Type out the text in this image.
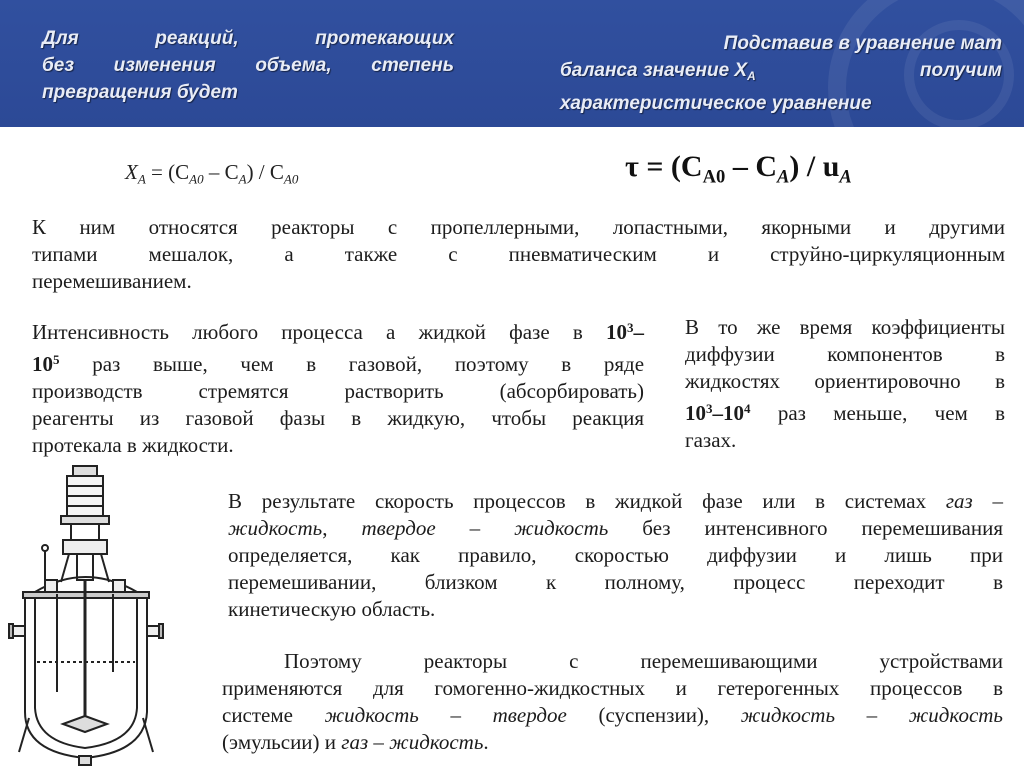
Для реакций, протекающих
без изменения объема, степень
превращения будет
Подставив в уравнение мат
баланса значение $X_A$	получим
характеристическое уравнение
$X_A = (C_{A0} - C_A) / C_{A0}$	$\tau = (C_{A0} - C_A) / u_A$
К ним относятся реакторы с пропеллерными, лопастными, якорными и другими
типами мешалок, а также с пневматическим и струйно-циркуляционным
перемешиванием.
Интенсивность любого процесса а жидкой фазе в $10^3-$
$10^5$ раз выше, чем в газовой, поэтому в ряде
производств стремятся растворить (абсорбировать)
реагенты из газовой фазы в жидкую, чтобы реакция
протекала в жидкости.
В то же время коэффициенты
диффузии компонентов в
жидкостях ориентировочно в
$10^3-10^4$ раз меньше, чем в
газах.
В результате скорость процессов в жидкой фазе или в системах газ –
жидкость, твердое – жидкость без интенсивного перемешивания
определяется, как правило, скоростью диффузии и лишь при
перемешивании, близком к полному, процесс переходит в
кинетическую область.
Поэтому реакторы с перемешивающими устройствами
применяются для гомогенно-жидкостных и гетерогенных процессов в
системе жидкость – твердое (суспензии), жидкость – жидкость
(эмульсии) и газ – жидкость.
